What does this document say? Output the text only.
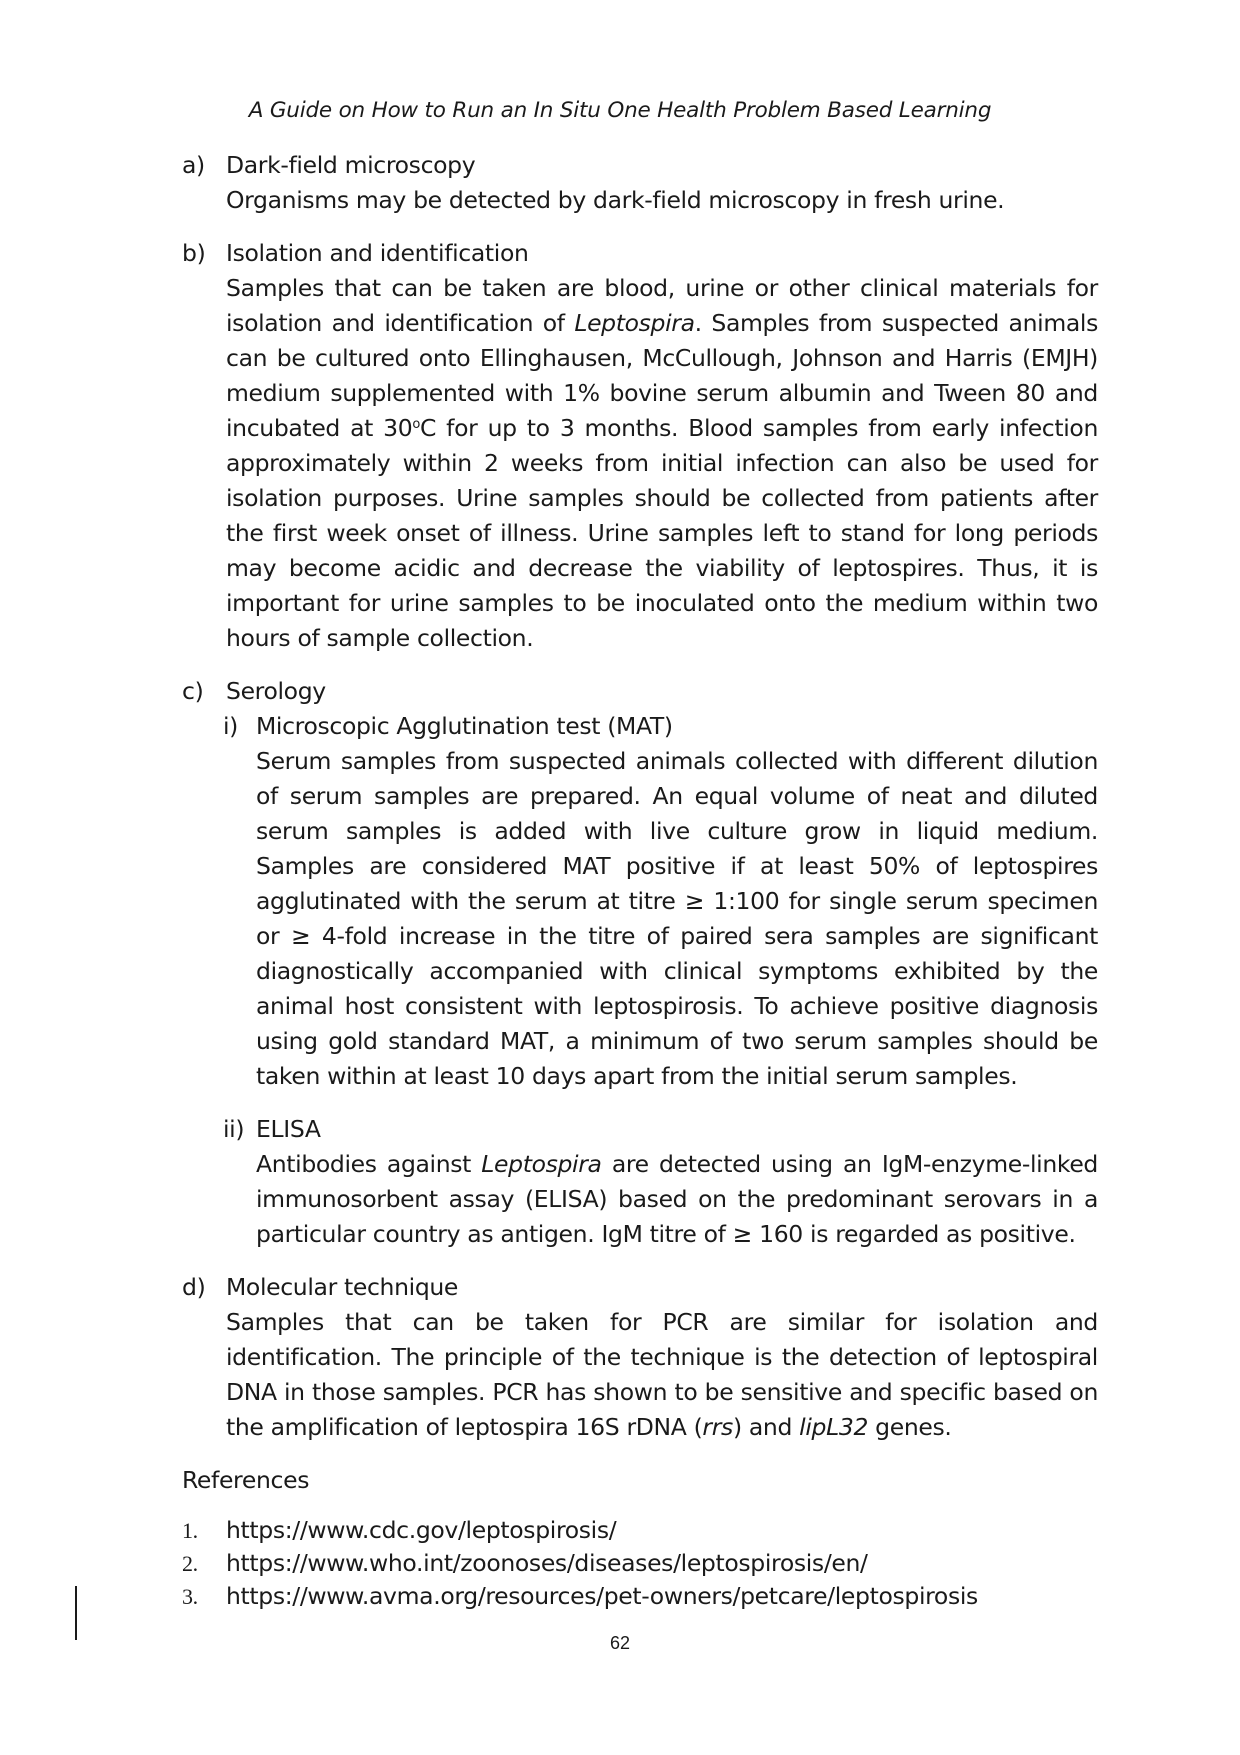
A Guide on How to Run an In Situ One Health Problem Based Learning
a) Dark-field microscopy

Organisms may be detected by dark-field microscopy in fresh urine.

b) Isolation and identification

Samples that can be taken are blood, urine or other clinical materials for isolation and identification of Leptospira. Samples from suspected animals can be cultured onto Ellinghausen, McCullough, Johnson and Harris (EMJH) medium supplemented with 1% bovine serum albumin and Tween 80 and incubated at 30$^o$C for up to 3 months. Blood samples from early infection approximately within 2 weeks from initial infection can also be used for isolation purposes. Urine samples should be collected from patients after the first week onset of illness. Urine samples left to stand for long periods may become acidic and decrease the viability of leptospires. Thus, it is important for urine samples to be inoculated onto the medium within two hours of sample collection.

c) Serology
i) Microscopic Agglutination test (MAT)

Serum samples from suspected animals collected with different dilution of serum samples are prepared. An equal volume of neat and diluted serum samples is added with live culture grow in liquid medium. Samples are considered MAT positive if at least 50% of leptospires agglutinated with the serum at titre ≥ 1:100 for single serum specimen or ≥ 4-fold increase in the titre of paired sera samples are significant diagnostically accompanied with clinical symptoms exhibited by the animal host consistent with leptospirosis. To achieve positive diagnosis using gold standard MAT, a minimum of two serum samples should be taken within at least 10 days apart from the initial serum samples.

ii) ELISA

Antibodies against Leptospira are detected using an IgM-enzyme-linked immunosorbent assay (ELISA) based on the predominant serovars in a particular country as antigen. IgM titre of ≥ 160 is regarded as positive.

d) Molecular technique

Samples that can be taken for PCR are similar for isolation and identification. The principle of the technique is the detection of leptospiral DNA in those samples. PCR has shown to be sensitive and specific based on the amplification of leptospira 16S rDNA (rrs) and lipL32 genes.

References
1. https://www.cdc.gov/leptospirosis/
2. https://www.who.int/zoonoses/diseases/leptospirosis/en/
3. https://www.avma.org/resources/pet-owners/petcare/leptospirosis
62
